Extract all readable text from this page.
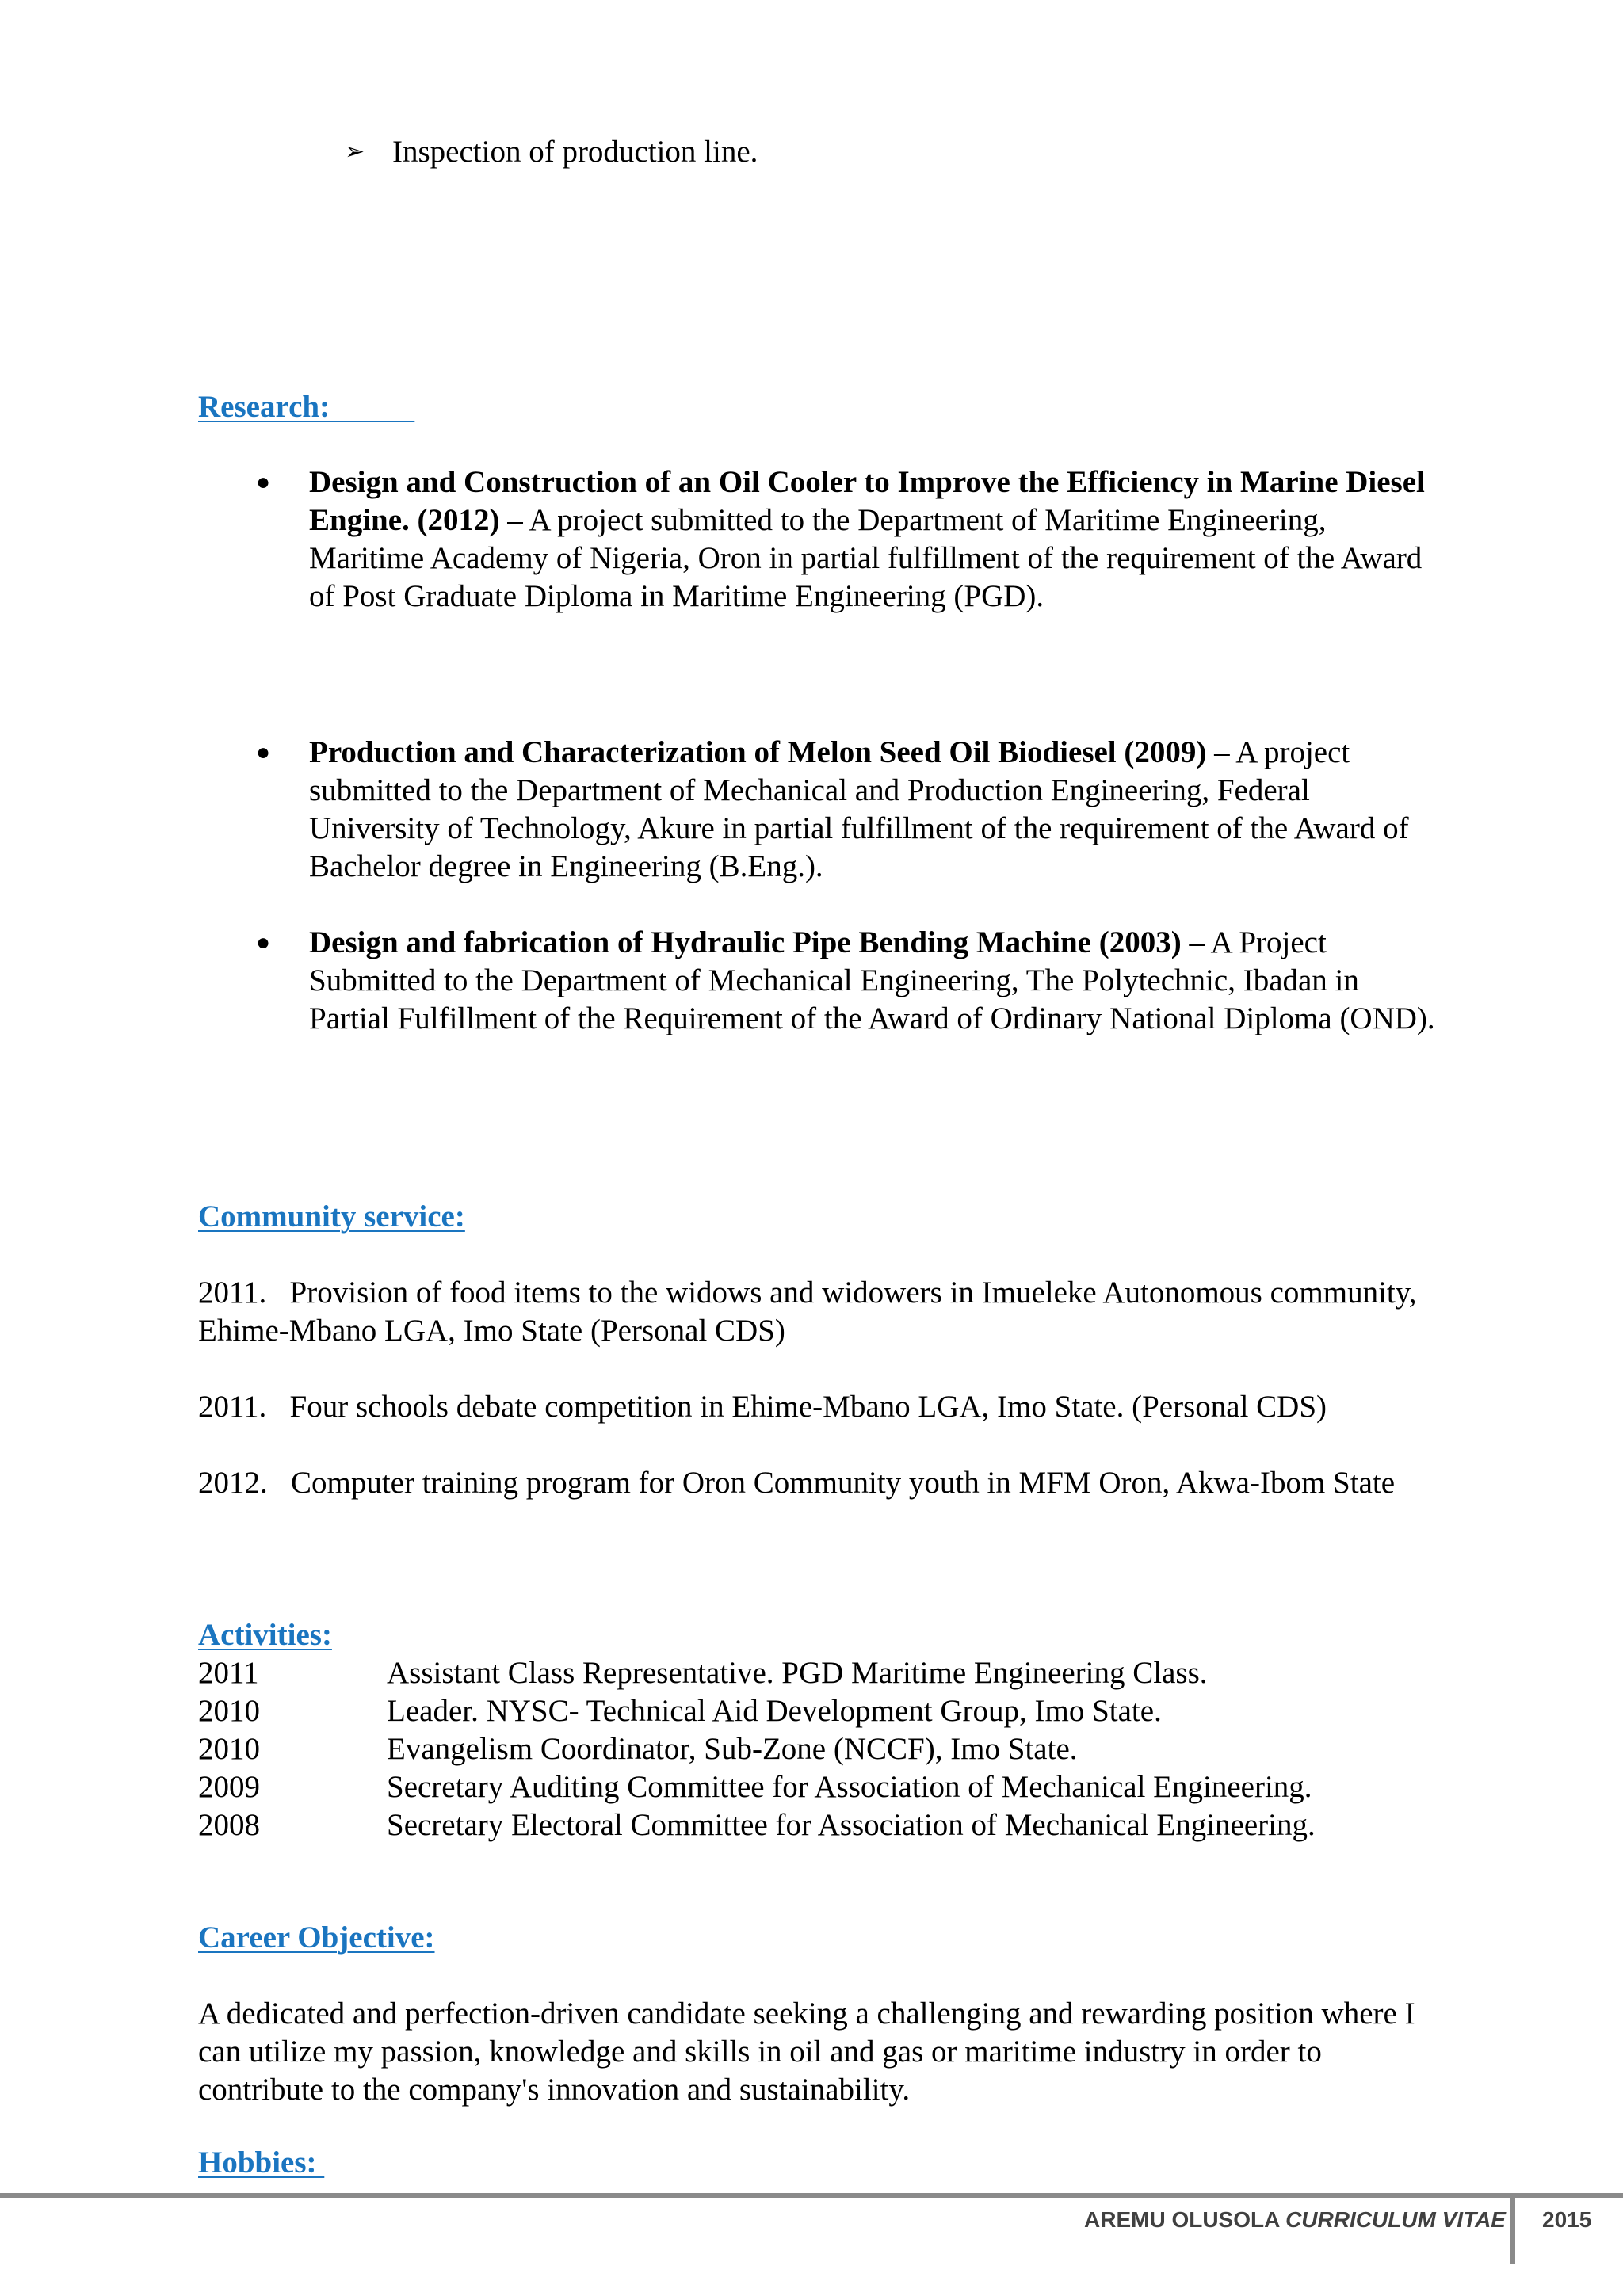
➢ Inspection of production line.
Research:
●	Design and Construction of an Oil Cooler to Improve the Efficiency in Marine Diesel Engine. (2012) – A project submitted to the Department of Maritime Engineering, Maritime Academy of Nigeria, Oron in partial fulfillment of the requirement of the Award of Post Graduate Diploma in Maritime Engineering (PGD).
●	Production and Characterization of Melon Seed Oil Biodiesel (2009) – A project submitted to the Department of Mechanical and Production Engineering, Federal University of Technology, Akure in partial fulfillment of the requirement of the Award of Bachelor degree in Engineering (B.Eng.).
●	Design and fabrication of Hydraulic Pipe Bending Machine (2003) – A Project Submitted to the Department of Mechanical Engineering, The Polytechnic, Ibadan in Partial Fulfillment of the Requirement of the Award of Ordinary National Diploma (OND).
Community service:
2011.   Provision of food items to the widows and widowers in Imueleke Autonomous community, Ehime-Mbano LGA, Imo State (Personal CDS)
2011.   Four schools debate competition in Ehime-Mbano LGA, Imo State. (Personal CDS)
2012.   Computer training program for Oron Community youth in MFM Oron, Akwa-Ibom State
Activities:
2011	Assistant Class Representative. PGD Maritime Engineering Class.
2010	Leader. NYSC- Technical Aid Development Group, Imo State.
2010	Evangelism Coordinator, Sub-Zone (NCCF), Imo State.
2009	Secretary Auditing Committee for Association of Mechanical Engineering.
2008	Secretary Electoral Committee for Association of Mechanical Engineering.
Career Objective:
A dedicated and perfection-driven candidate seeking a challenging and rewarding position where I can utilize my passion, knowledge and skills in oil and gas or maritime industry in order to contribute to the company's innovation and sustainability.
Hobbies:
AREMU OLUSOLA CURRICULUM VITAE 2015
